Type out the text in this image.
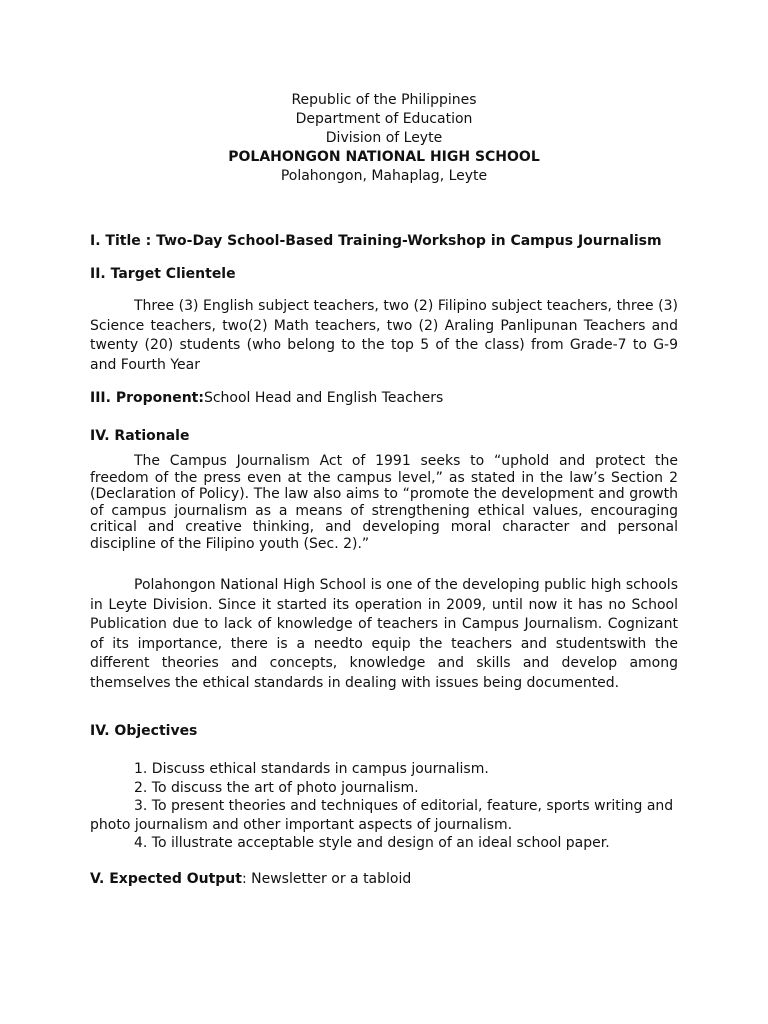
Republic of the Philippines
Department of Education
Division of Leyte
POLAHONGON NATIONAL HIGH SCHOOL
Polahongon, Mahaplag, Leyte

I. Title : Two-Day School-Based Training-Workshop in Campus Journalism

II. Target Clientele

Three (3) English subject teachers, two (2) Filipino subject teachers, three (3) Science teachers, two(2) Math teachers, two (2) Araling Panlipunan Teachers and twenty (20) students (who belong to the top 5 of the class) from Grade-7 to G-9 and Fourth Year

III. Proponent:School Head and English Teachers

IV. Rationale

The Campus Journalism Act of 1991 seeks to “uphold and protect the freedom of the press even at the campus level,” as stated in the law’s Section 2 (Declaration of Policy). The law also aims to “promote the development and growth of campus journalism as a means of strengthening ethical values, encouraging critical and creative thinking, and developing moral character and personal discipline of the Filipino youth (Sec. 2).”

Polahongon National High School is one of the developing public high schools in Leyte Division. Since it started its operation in 2009, until now it has no School Publication due to lack of knowledge of teachers in Campus Journalism. Cognizant of its importance, there is a needto equip the teachers and studentswith the different theories and concepts, knowledge and skills and develop among themselves the ethical standards in dealing with issues being documented.

IV. Objectives

1. Discuss ethical standards in campus journalism.

2. To discuss the art of photo journalism.

3. To present theories and techniques of editorial, feature, sports writing and photo journalism and other important aspects of journalism.

4. To illustrate acceptable style and design of an ideal school paper.

V. Expected Output: Newsletter or a tabloid
